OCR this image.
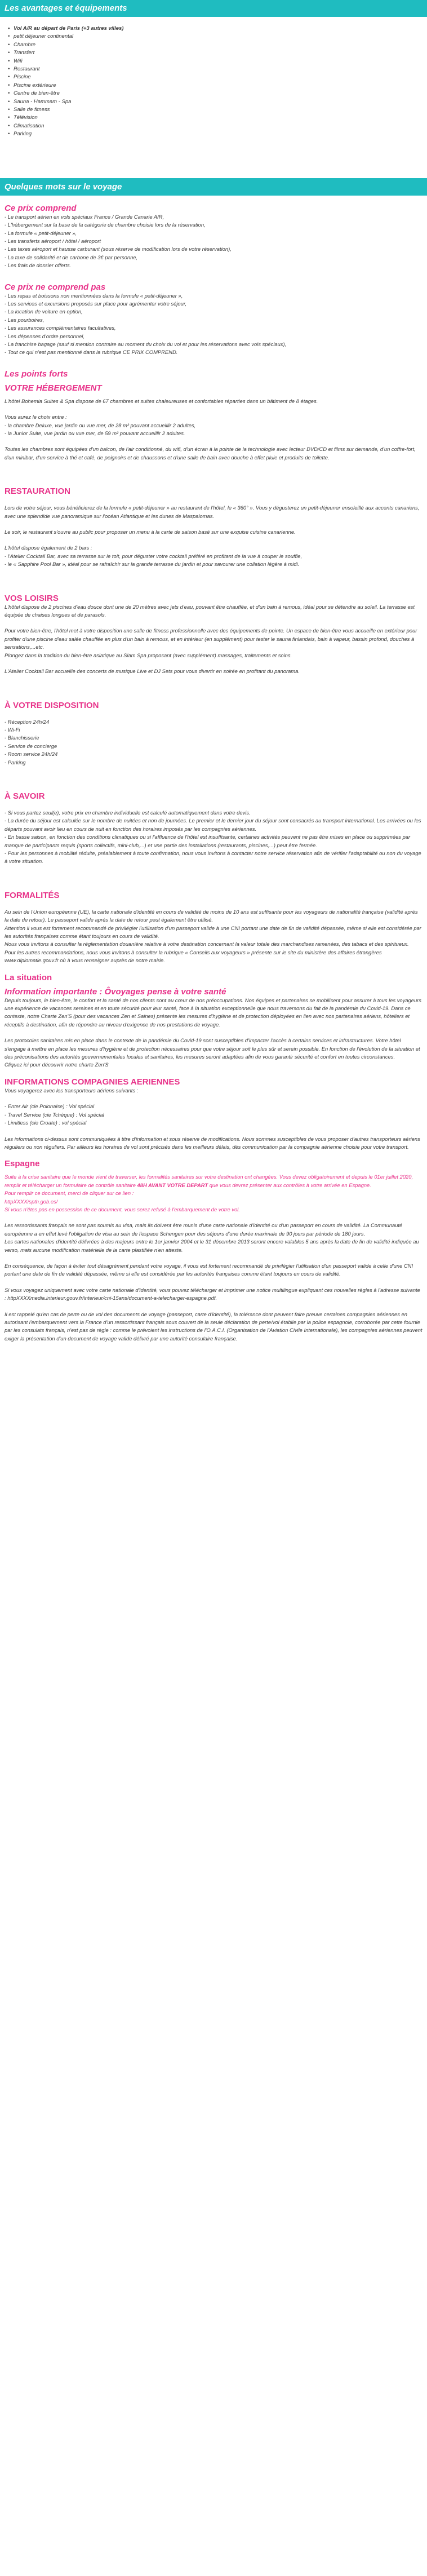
Les avantages et équipements
• Vol A/R au départ de Paris (+3 autres villes)
• petit déjeuner continental
• Chambre
• Transfert
• Wifi
• Restaurant
• Piscine
• Piscine extérieure
• Centre de bien-être
• Sauna - Hammam - Spa
• Salle de fitness
• Télévision
• Climatisation
• Parking
Quelques mots sur le voyage
Ce prix comprend
- Le transport aérien en vols spéciaux France / Grande Canarie A/R,
- L'hébergement sur la base de la catégorie de chambre choisie lors de la réservation,
- La formule « petit-déjeuner »,
- Les transferts aéroport / hôtel / aéroport
- Les taxes aéroport et hausse carburant (sous réserve de modification lors de votre réservation),
- La taxe de solidarité et de carbone de 3€ par personne,
- Les frais de dossier offerts.
Ce prix ne comprend pas
- Les repas et boissons non mentionnées dans la formule « petit-déjeuner »,
- Les services et excursions proposés sur place pour agrémenter votre séjour,
- La location de voiture en option,
- Les pourboires,
- Les assurances complémentaires facultatives,
- Les dépenses d'ordre personnel,
- La franchise bagage (sauf si mention contraire au moment du choix du vol et pour les réservations avec vols spéciaux),
- Tout ce qui n'est pas mentionné dans la rubrique CE PRIX COMPREND.
Les points forts
VOTRE HÉBERGEMENT

L'hôtel Bohemia Suites & Spa dispose de 67 chambres et suites chaleureuses et confortables réparties dans un bâtiment de 8 étages.

Vous aurez le choix entre :
- la chambre Deluxe, vue jardin ou vue mer, de 28 m² pouvant accueillir 2 adultes,
- la Junior Suite, vue jardin ou vue mer, de 59 m² pouvant accueillir 2 adultes.

Toutes les chambres sont équipées d'un balcon, de l'air conditionné, du wifi, d'un écran à la pointe de la technologie avec lecteur DVD/CD et films sur demande, d'un coffre-fort, d'un minibar, d'un service à thé et café, de peignoirs et de chaussons et d'une salle de bain avec douche à effet pluie et produits de toilette.

RESTAURATION

Lors de votre séjour, vous bénéficierez de la formule « petit-déjeuner » au restaurant de l'hôtel, le « 360° ». Vous y dégusterez un petit-déjeuner ensoleillé aux accents canariens, avec une splendide vue panoramique sur l'océan Atlantique et les dunes de Maspalomas.

Le soir, le restaurant s'ouvre au public pour proposer un menu à la carte de saison basé sur une exquise cuisine canarienne.

L'hôtel dispose également de 2 bars :
- l'Atelier Cocktail Bar, avec sa terrasse sur le toit, pour déguster votre cocktail préféré en profitant de la vue à couper le souffle,
- le « Sapphire Pool Bar », idéal pour se rafraîchir sur la grande terrasse du jardin et pour savourer une collation légère à midi.

VOS LOISIRS

L'hôtel dispose de 2 piscines d'eau douce dont une de 20 mètres avec jets d'eau, pouvant être chauffée, et d'un bain à remous, idéal pour se détendre au soleil. La terrasse est équipée de chaises longues et de parasols.

Pour votre bien-être, l'hôtel met à votre disposition une salle de fitness professionnelle avec des équipements de pointe. Un espace de bien-être vous accueille en extérieur pour profiter d'une piscine d'eau salée chauffée en plus d'un bain à remous, et en intérieur (en supplément) pour tester le sauna finlandais, bain à vapeur, bassin profond, douches à sensations,...etc.
Plongez dans la tradition du bien-être asiatique au Siam Spa proposant (avec supplément) massages, traitements et soins.

L'Atelier Cocktail Bar accueille des concerts de musique Live et DJ Sets pour vous divertir en soirée en profitant du panorama.

À VOTRE DISPOSITION
- Réception 24h/24
- Wi-Fi
- Blanchisserie
- Service de concierge
- Room service 24h/24
- Parking
À SAVOIR

- Si vous partez seul(e), votre prix en chambre individuelle est calculé automatiquement dans votre devis.
- La durée du séjour est calculée sur le nombre de nuitées et non de journées. Le premier et le dernier jour du séjour sont consacrés au transport international. Les arrivées ou les départs pouvant avoir lieu en cours de nuit en fonction des horaires imposés par les compagnies aériennes.
- En basse saison, en fonction des conditions climatiques ou si l'affluence de l'hôtel est insuffisante, certaines activités peuvent ne pas être mises en place ou supprimées par manque de participants requis (sports collectifs, mini-club,...) et une partie des installations (restaurants, piscines,...) peut être fermée.
- Pour les personnes à mobilité réduite, préalablement à toute confirmation, nous vous invitons à contacter notre service réservation afin de vérifier l'adaptabilité ou non du voyage à votre situation.

FORMALITÉS

Au sein de l'Union européenne (UE), la carte nationale d'identité en cours de validité de moins de 10 ans est suffisante pour les voyageurs de nationalité française (validité après la date de retour). Le passeport valide après la date de retour peut également être utilisé.
Attention il vous est fortement recommandé de privilégier l'utilisation d'un passeport valide à une CNI portant une date de fin de validité dépassée, même si elle est considérée par les autorités françaises comme étant toujours en cours de validité.
Nous vous invitons à consulter la réglementation douanière relative à votre destination concernant la valeur totale des marchandises ramenées, des tabacs et des spiritueux.
Pour les autres recommandations, nous vous invitons à consulter la rubrique « Conseils aux voyageurs » présente sur le site du ministère des affaires étrangères www.diplomatie.gouv.fr où à vous renseigner auprès de notre mairie.

La situation
Information importante : Ôvoyages pense à votre santé

Depuis toujours, le bien-être, le confort et la santé de nos clients sont au cœur de nos préoccupations. Nos équipes et partenaires se mobilisent pour assurer à tous les voyageurs une expérience de vacances sereines et en toute sécurité pour leur santé, face à la situation exceptionnelle que nous traversons du fait de la pandémie du Covid-19. Dans ce contexte, notre Charte Zen'S (pour des vacances Zen et Saines) présente les mesures d'hygiène et de protection déployées en lien avec nos partenaires aériens, hôteliers et réceptifs à destination, afin de répondre au niveau d'exigence de nos prestations de voyage.

Les protocoles sanitaires mis en place dans le contexte de la pandémie du Covid-19 sont susceptibles d'impacter l'accès à certains services et infrastructures. Votre hôtel s'engage à mettre en place les mesures d'hygiène et de protection nécessaires pour que votre séjour soit le plus sûr et serein possible. En fonction de l'évolution de la situation et des préconisations des autorités gouvernementales locales et sanitaires, les mesures seront adaptées afin de vous garantir sécurité et confort en toutes circonstances.
Cliquez ici pour découvrir notre charte Zen'S

INFORMATIONS COMPAGNIES AERIENNES

Vous voyagerez avec les transporteurs aériens suivants :

- Enter Air (cie Polonaise) : Vol spécial
- Travel Service (cie Tchèque) : Vol spécial
- Limitless (cie Croate) : vol spécial

Les informations ci-dessus sont communiquées à titre d'information et sous réserve de modifications. Nous sommes susceptibles de vous proposer d'autres transporteurs aériens réguliers ou non réguliers. Par ailleurs les horaires de vol sont précisés dans les meilleurs délais, dès communication par la compagnie aérienne choisie pour votre transport.

Espagne

Suite à la crise sanitaire que le monde vient de traverser, les formalités sanitaires sur votre destination ont changées. Vous devez obligatoirement et depuis le 01er juillet 2020, remplir et télécharger un formulaire de contrôle sanitaire 48H AVANT VOTRE DEPART que vous devrez présenter aux contrôles à votre arrivée en Espagne.
Pour remplir ce document, merci de cliquer sur ce lien :
httpXXXX/spth.gob.es/
Si vous n'êtes pas en possession de ce document, vous serez refusé à l'embarquement de votre vol.

Les ressortissants français ne sont pas soumis au visa, mais ils doivent être munis d'une carte nationale d'identité ou d'un passeport en cours de validité. La Communauté européenne a en effet levé l'obligation de visa au sein de l'espace Schengen pour des séjours d'une durée maximale de 90 jours par période de 180 jours.
Les cartes nationales d'identité délivrées à des majeurs entre le 1er janvier 2004 et le 31 décembre 2013 seront encore valables 5 ans après la date de fin de validité indiquée au verso, mais aucune modification matérielle de la carte plastifiée n'en atteste.

En conséquence, de façon à éviter tout désagrément pendant votre voyage, il vous est fortement recommandé de privilégier l'utilisation d'un passeport valide à celle d'une CNI portant une date de fin de validité dépassée, même si elle est considérée par les autorités françaises comme étant toujours en cours de validité.

Si vous voyagez uniquement avec votre carte nationale d'identité, vous pouvez télécharger et imprimer une notice multilingue expliquant ces nouvelles règles à l'adresse suivante : httpXXXXmedia.interieur.gouv.fr/interieur/cni-15ans/document-a-telecharger-espagne.pdf.

Il est rappelé qu'en cas de perte ou de vol des documents de voyage (passeport, carte d'identité), la tolérance dont peuvent faire preuve certaines compagnies aériennes en autorisant l'embarquement vers la France d'un ressortissant français sous couvert de la seule déclaration de perte/vol établie par la police espagnole, corroborée par cette fournie par les consulats français, n'est pas de règle : comme le prévoient les instructions de l'O.A.C.I. (Organisation de l'Aviation Civile Internationale), les compagnies aériennes peuvent exiger la présentation d'un document de voyage valide délivré par une autorité consulaire française.
